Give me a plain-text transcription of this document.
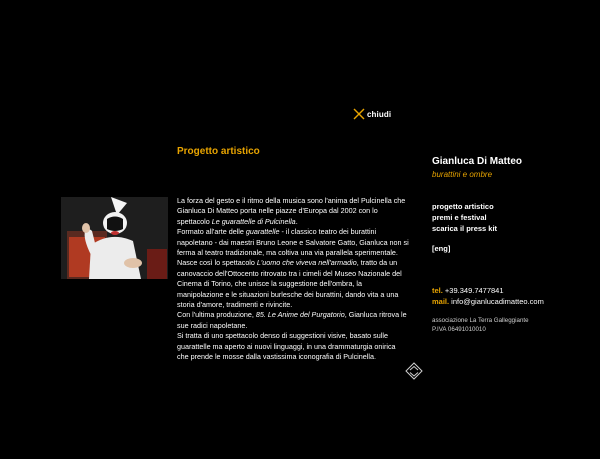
chiudi
Progetto artistico

La forza del gesto e il ritmo della musica sono l'anima del Pulcinella che Gianluca Di Matteo porta nelle piazze d'Europa dal 2002 con lo spettacolo Le guarattelle di Pulcinella.

Formato all'arte delle guarattelle - il classico teatro dei burattini napoletano - dai maestri Bruno Leone e Salvatore Gatto, Gianluca non si ferma al teatro tradizionale, ma coltiva una via parallela sperimentale.

Nasce così lo spettacolo L'uomo che viveva nell'armadio, tratto da un canovaccio dell'Ottocento ritrovato tra i cimeli del Museo Nazionale del Cinema di Torino, che unisce la suggestione dell'ombra, la manipolazione e le situazioni burlesche dei burattini, dando vita a una storia d'amore, tradimenti e rivincite.

Con l'ultima produzione, 85. Le Anime del Purgatorio, Gianluca ritrova le sue radici napoletane.

Si tratta di uno spettacolo denso di suggestioni visive, basato sulle guarattelle ma aperto ai nuovi linguaggi, in una drammaturgia onirica che prende le mosse dalla vastissima iconografia di Pulcinella.

Gianluca Di Matteo
burattini e ombre
progetto artistico
premi e festival
scarica il press kit
[eng]
tel. +39.349.7477841
mail. info@gianlucadimatteo.com
associazione La Terra Galleggiante
P.IVA 06491010010
